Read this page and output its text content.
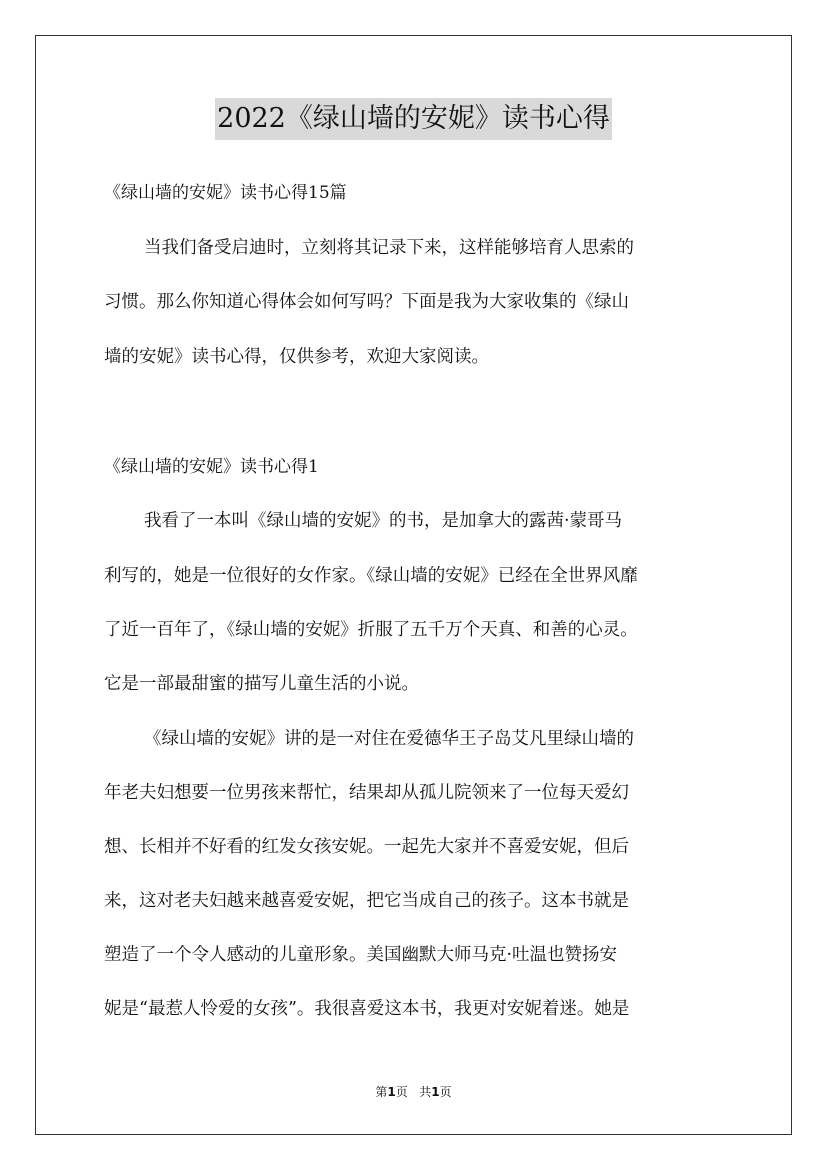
2022《绿山墙的安妮》读书心得
《绿山墙的安妮》读书心得15篇
当我们备受启迪时，立刻将其记录下来，这样能够培育人思索的
习惯。那么你知道心得体会如何写吗？下面是我为大家收集的《绿山
墙的安妮》读书心得，仅供参考，欢迎大家阅读。
《绿山墙的安妮》读书心得1
我看了一本叫《绿山墙的安妮》的书，是加拿大的露茜·蒙哥马
利写的，她是一位很好的女作家。《绿山墙的安妮》已经在全世界风靡
了近一百年了，《绿山墙的安妮》折服了五千万个天真、和善的心灵。
它是一部最甜蜜的描写儿童生活的小说。
《绿山墙的安妮》讲的是一对住在爱德华王子岛艾凡里绿山墙的
年老夫妇想要一位男孩来帮忙，结果却从孤儿院领来了一位每天爱幻
想、长相并不好看的红发女孩安妮。一起先大家并不喜爱安妮，但后
来，这对老夫妇越来越喜爱安妮，把它当成自己的孩子。这本书就是
塑造了一个令人感动的儿童形象。美国幽默大师马克·吐温也赞扬安
妮是“最惹人怜爱的女孩”。我很喜爱这本书，我更对安妮着迷。她是
第1页 共1页
